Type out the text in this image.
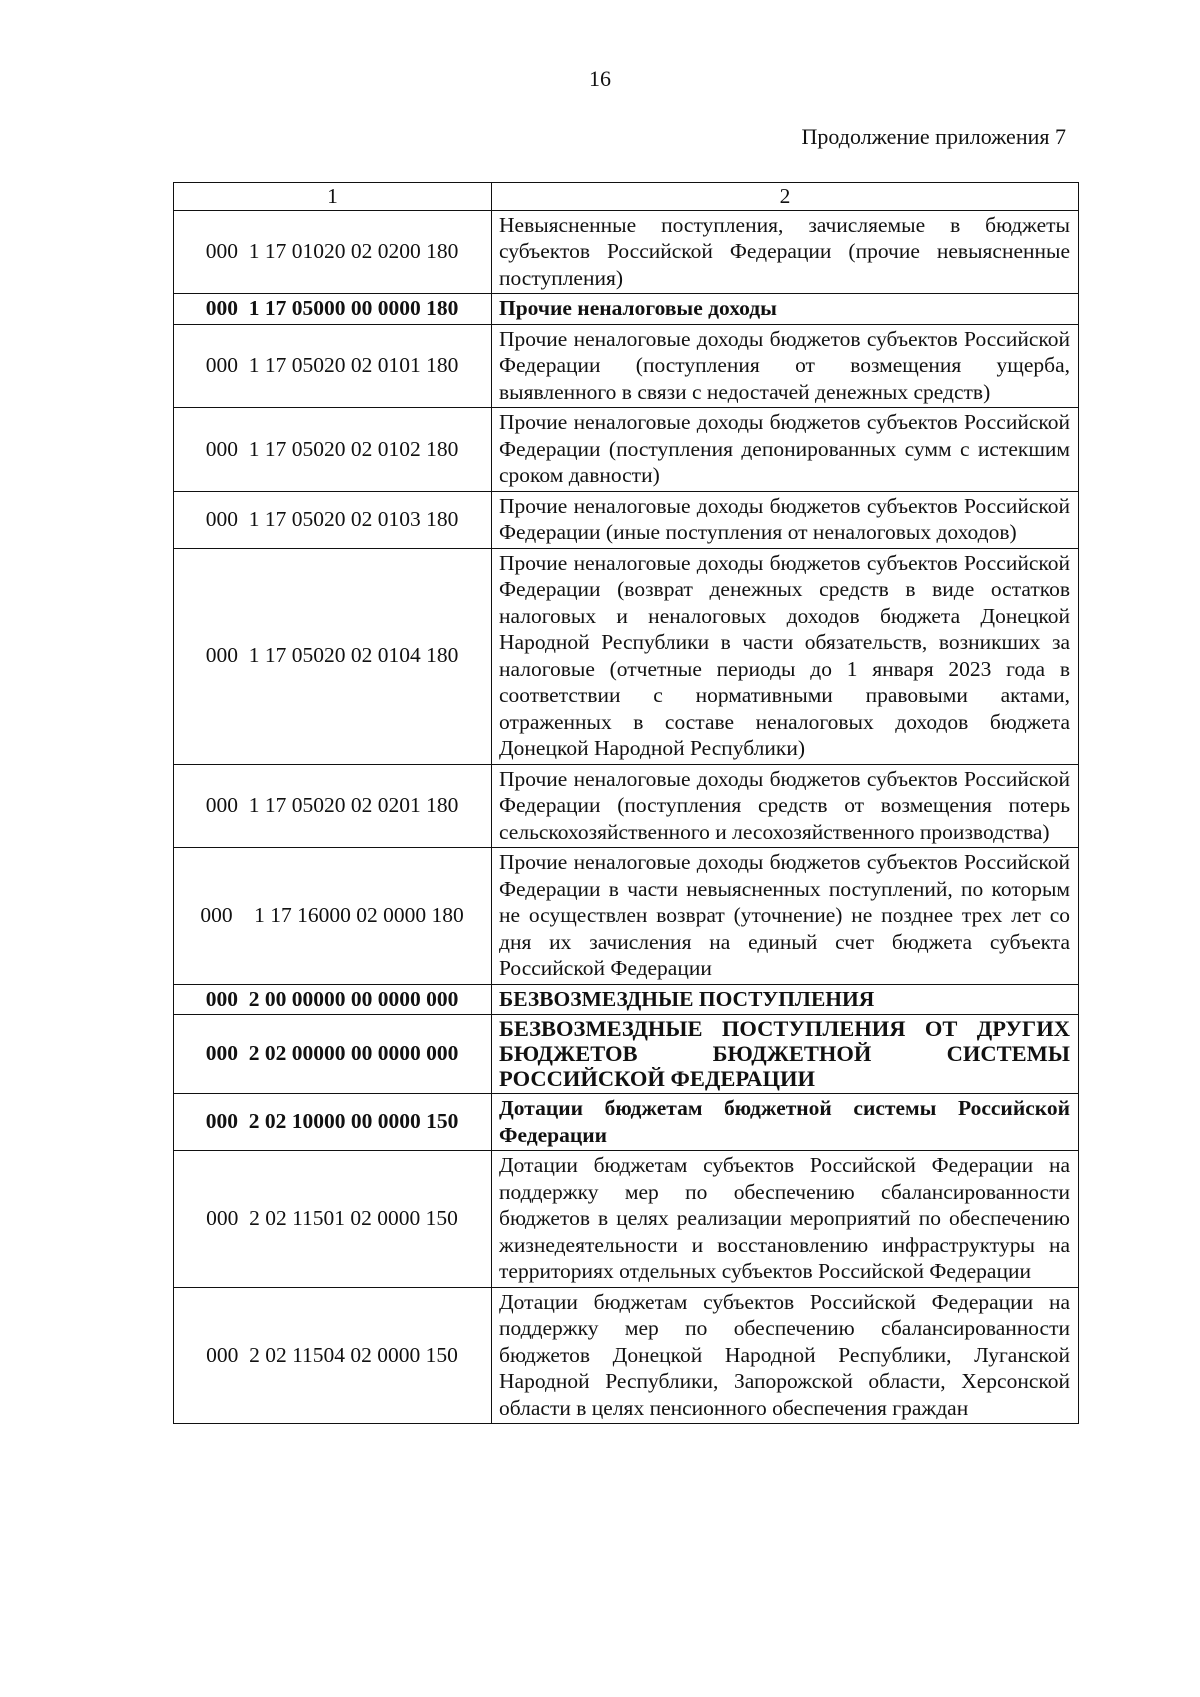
16
Продолжение приложения 7
1	2
000  1 17 01020 02 0200 180	Невыясненные поступления, зачисляемые в бюджеты субъектов Российской Федерации (прочие невыясненные поступления)
000  1 17 05000 00 0000 180	Прочие неналоговые доходы
000  1 17 05020 02 0101 180	Прочие неналоговые доходы бюджетов субъектов Российской Федерации (поступления от возмещения ущерба, выявленного в связи с недостачей денежных средств)
000  1 17 05020 02 0102 180	Прочие неналоговые доходы бюджетов субъектов Российской Федерации (поступления депонированных сумм с истекшим сроком давности)
000  1 17 05020 02 0103 180	Прочие неналоговые доходы бюджетов субъектов Российской Федерации (иные поступления от неналоговых доходов)
000  1 17 05020 02 0104 180	Прочие неналоговые доходы бюджетов субъектов Российской Федерации (возврат денежных средств в виде остатков налоговых и неналоговых доходов бюджета Донецкой Народной Республики в части обязательств, возникших за налоговые (отчетные периоды до 1 января 2023 года в соответствии с нормативными правовыми актами, отраженных в составе неналоговых доходов бюджета Донецкой Народной Республики)
000  1 17 05020 02 0201 180	Прочие неналоговые доходы бюджетов субъектов Российской Федерации (поступления средств от возмещения потерь сельскохозяйственного и лесохозяйственного производства)
000    1 17 16000 02 0000 180	Прочие неналоговые доходы бюджетов субъектов Российской Федерации в части невыясненных поступлений, по которым не осуществлен возврат (уточнение) не позднее трех лет со дня их зачисления на единый счет бюджета субъекта Российской Федерации
000  2 00 00000 00 0000 000	БЕЗВОЗМЕЗДНЫЕ ПОСТУПЛЕНИЯ
000  2 02 00000 00 0000 000	БЕЗВОЗМЕЗДНЫЕ ПОСТУПЛЕНИЯ ОТ ДРУГИХ БЮДЖЕТОВ БЮДЖЕТНОЙ СИСТЕМЫ РОССИЙСКОЙ ФЕДЕРАЦИИ
000  2 02 10000 00 0000 150	Дотации бюджетам бюджетной системы Российской Федерации
000  2 02 11501 02 0000 150	Дотации бюджетам субъектов Российской Федерации на поддержку мер по обеспечению сбалансированности бюджетов в целях реализации мероприятий по обеспечению жизнедеятельности и восстановлению инфраструктуры на территориях отдельных субъектов Российской Федерации
000  2 02 11504 02 0000 150	Дотации бюджетам субъектов Российской Федерации на поддержку мер по обеспечению сбалансированности бюджетов Донецкой Народной Республики, Луганской Народной Республики, Запорожской области, Херсонской области в целях пенсионного обеспечения граждан
